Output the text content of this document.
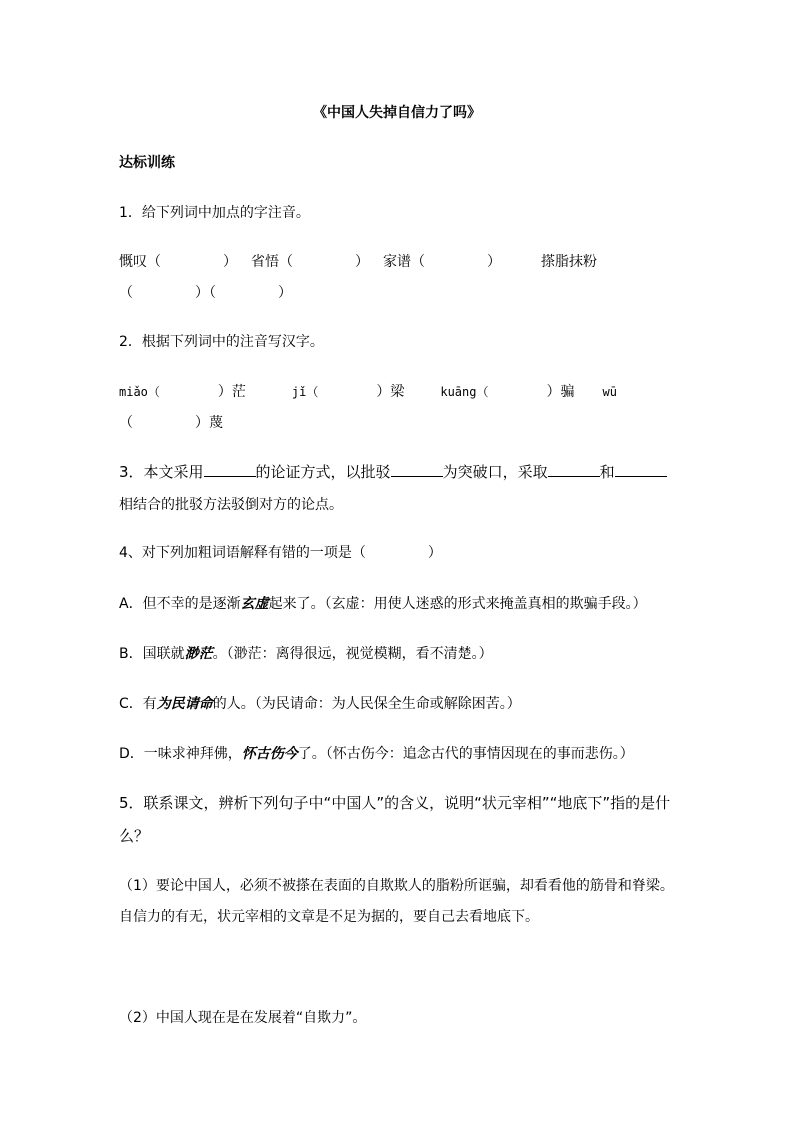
《中国人失掉自信力了吗》
达标训练
1．给下列词中加点的字注音。
慨叹（	） 省悟（	） 家谱（	）	搽脂抹粉
（	）（	）
2．根据下列词中的注音写汉字。
miǎo（	）茫	jǐ（	）梁	kuāng（	）骗 wū
（	）蔑
3．本文采用	的论证方式，以批驳	为突破口，采取	和
相结合的批驳方法驳倒对方的论点。
4、对下列加粗词语解释有错的一项是（	）
A．但不幸的是逐渐玄虚起来了。（玄虚：用使人迷惑的形式来掩盖真相的欺骗手段。）
B．国联就渺茫。（渺茫：离得很远，视觉模糊，看不清楚。）
C．有为民请命的人。（为民请命：为人民保全生命或解除困苦。）
D．一味求神拜佛，怀古伤今了。（怀古伤今：追念古代的事情因现在的事而悲伤。）
5．联系课文，辨析下列句子中“中国人”的含义，说明“状元宰相”“地底下”指的是什
么？
（1）要论中国人，必须不被搽在表面的自欺欺人的脂粉所诓骗，却看看他的筋骨和脊梁。
自信力的有无，状元宰相的文章是不足为据的，要自己去看地底下。
（2）中国人现在是在发展着“自欺力”。
